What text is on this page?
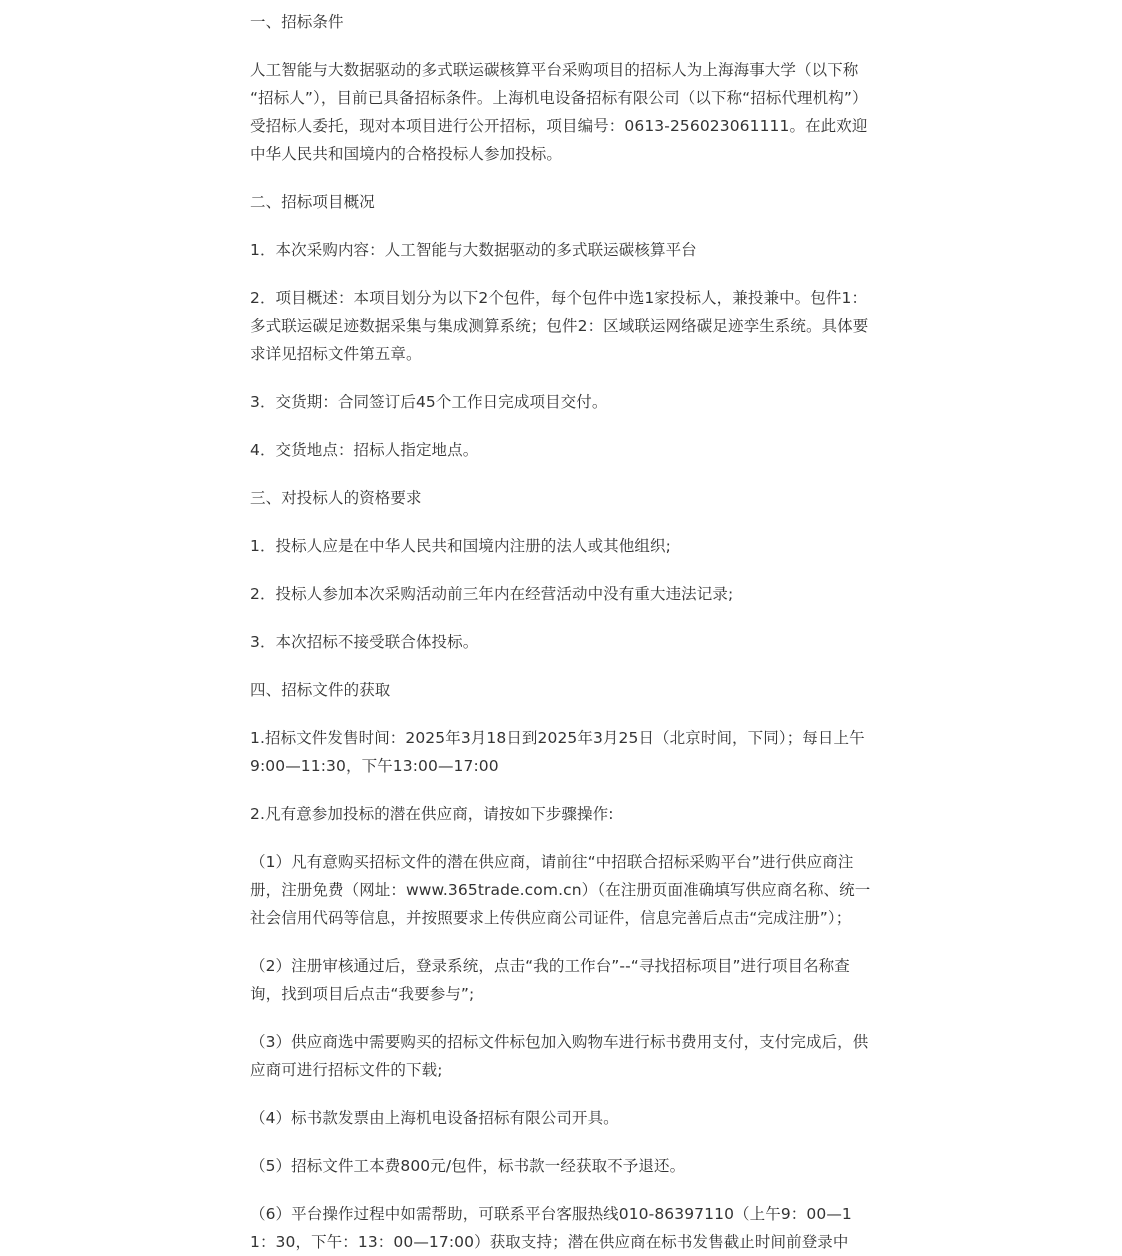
一、招标条件

人工智能与大数据驱动的多式联运碳核算平台采购项目的招标人为上海海事大学（以下称“招标人”），目前已具备招标条件。上海机电设备招标有限公司（以下称“招标代理机构”）受招标人委托，现对本项目进行公开招标，项目编号：0613-256023061111。在此欢迎中华人民共和国境内的合格投标人参加投标。

二、招标项目概况

1．本次采购内容：人工智能与大数据驱动的多式联运碳核算平台

2．项目概述：本项目划分为以下2个包件，每个包件中选1家投标人，兼投兼中。包件1：多式联运碳足迹数据采集与集成测算系统；包件2：区域联运网络碳足迹孪生系统。具体要求详见招标文件第五章。

3．交货期：合同签订后45个工作日完成项目交付。

4．交货地点：招标人指定地点。

三、对投标人的资格要求

1．投标人应是在中华人民共和国境内注册的法人或其他组织;

2．投标人参加本次采购活动前三年内在经营活动中没有重大违法记录;

3．本次招标不接受联合体投标。

四、招标文件的获取

1.招标文件发售时间：2025年3月18日到2025年3月25日（北京时间，下同）；每日上午9:00—11:30，下午13:00—17:00

2.凡有意参加投标的潜在供应商，请按如下步骤操作:

（1）凡有意购买招标文件的潜在供应商，请前往“中招联合招标采购平台”进行供应商注册，注册免费（网址：www.365trade.com.cn）（在注册页面准确填写供应商名称、统一社会信用代码等信息，并按照要求上传供应商公司证件，信息完善后点击“完成注册”）；

（2）注册审核通过后，登录系统，点击“我的工作台”--“寻找招标项目”进行项目名称查询，找到项目后点击“我要参与”;

（3）供应商选中需要购买的招标文件标包加入购物车进行标书费用支付，支付完成后，供应商可进行招标文件的下载;

（4）标书款发票由上海机电设备招标有限公司开具。

（5）招标文件工本费800元/包件，标书款一经获取不予退还。

（6）平台操作过程中如需帮助，可联系平台客服热线010-86397110（上午9：00—11：30，下午：13：00—17:00）获取支持；潜在供应商在标书发售截止时间前登录中
